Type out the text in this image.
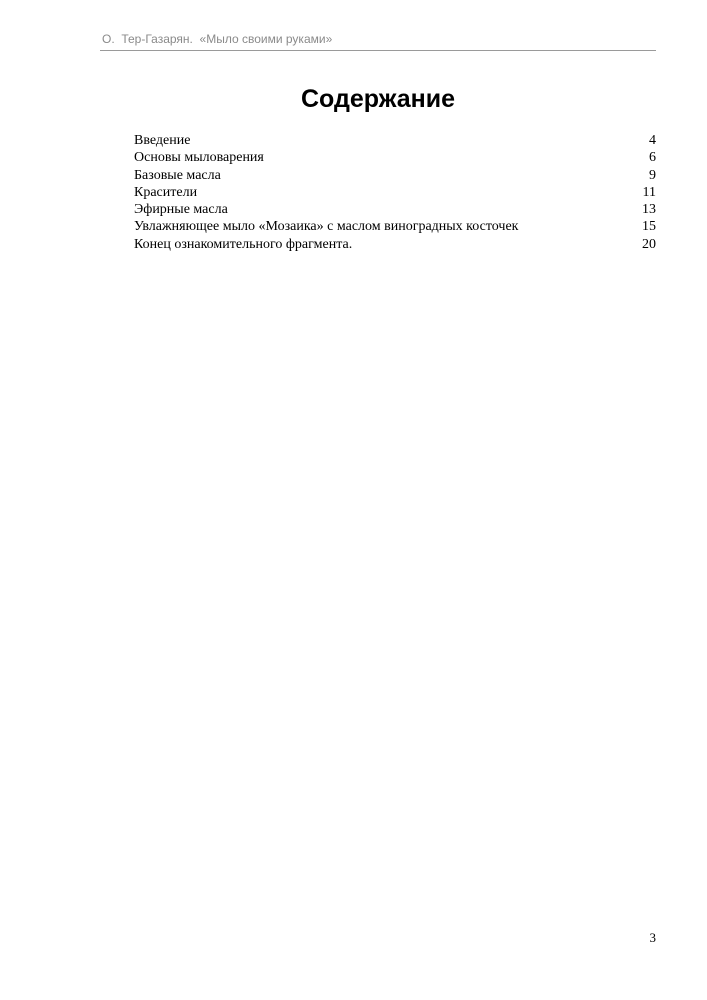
О.  Тер-Газарян.  «Мыло своими руками»
Содержание
Введение	4
Основы мыловарения	6
Базовые масла	9
Красители	11
Эфирные масла	13
Увлажняющее мыло «Мозаика» с маслом виноградных косточек	15
Конец ознакомительного фрагмента.	20
3
